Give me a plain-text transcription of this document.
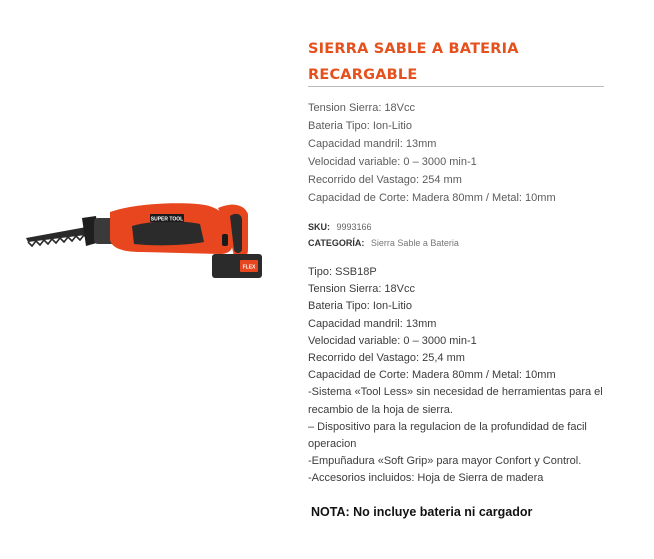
SUPER TOOL
FLEX
SIERRA SABLE A BATERIA
RECARGABLE
Tension Sierra: 18Vcc
Bateria Tipo: Ion-Litio
Capacidad mandril: 13mm
Velocidad variable: 0 – 3000 min-1
Recorrido del Vastago: 254 mm
Capacidad de Corte: Madera 80mm / Metal: 10mm
SKU: 9993166
CATEGORÍA: Sierra Sable a Bateria
Tipo: SSB18P
Tension Sierra: 18Vcc
Bateria Tipo: Ion-Litio
Capacidad mandril: 13mm
Velocidad variable: 0 – 3000 min-1
Recorrido del Vastago: 25,4 mm
Capacidad de Corte: Madera 80mm / Metal: 10mm
-Sistema «Tool Less» sin necesidad de herramientas para el
recambio de la hoja de sierra.
– Dispositivo para la regulacion de la profundidad de facil
operacion
-Empuñadura «Soft Grip» para mayor Confort y Control.
-Accesorios incluidos: Hoja de Sierra de madera
NOTA: No incluye bateria ni cargador
